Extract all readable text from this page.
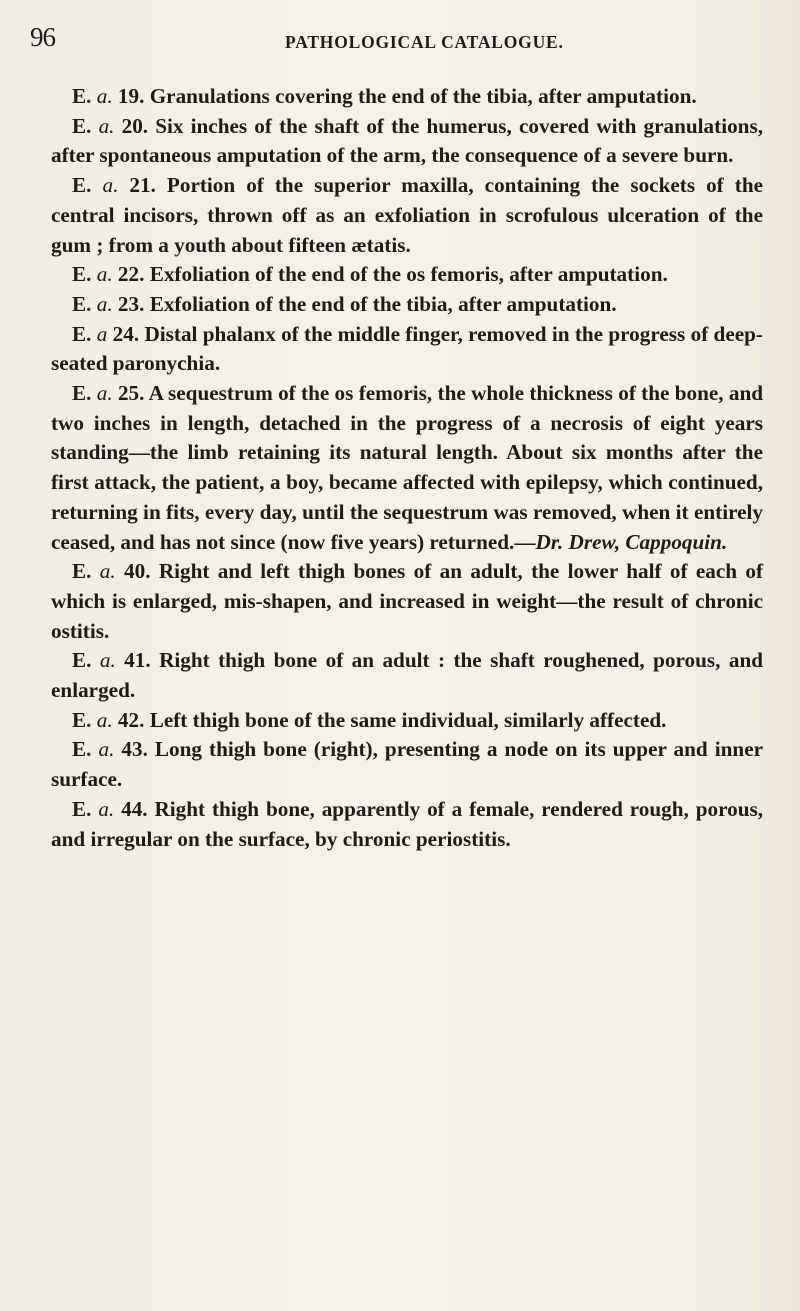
96	PATHOLOGICAL CATALOGUE.

E. a. 19. Granulations covering the end of the tibia, after amputation.

E. a. 20. Six inches of the shaft of the humerus, covered with granulations, after spontaneous amputation of the arm, the consequence of a severe burn.

E. a. 21. Portion of the superior maxilla, containing the sockets of the central incisors, thrown off as an exfoliation in scrofulous ulceration of the gum ; from a youth about fifteen ætatis.

E. a. 22. Exfoliation of the end of the os femoris, after amputation.

E. a. 23. Exfoliation of the end of the tibia, after amputation.

E. a 24. Distal phalanx of the middle finger, removed in the progress of deep-seated paronychia.

E. a. 25. A sequestrum of the os femoris, the whole thickness of the bone, and two inches in length, detached in the progress of a necrosis of eight years standing—the limb retaining its natural length. About six months after the first attack, the patient, a boy, became affected with epilepsy, which continued, returning in fits, every day, until the sequestrum was removed, when it entirely ceased, and has not since (now five years) returned.—Dr. Drew, Cappoquin.

E. a. 40. Right and left thigh bones of an adult, the lower half of each of which is enlarged, mis-shapen, and increased in weight—the result of chronic ostitis.

E. a. 41. Right thigh bone of an adult : the shaft roughened, porous, and enlarged.

E. a. 42. Left thigh bone of the same individual, similarly affected.

E. a. 43. Long thigh bone (right), presenting a node on its upper and inner surface.

E. a. 44. Right thigh bone, apparently of a female, rendered rough, porous, and irregular on the surface, by chronic periostitis.
